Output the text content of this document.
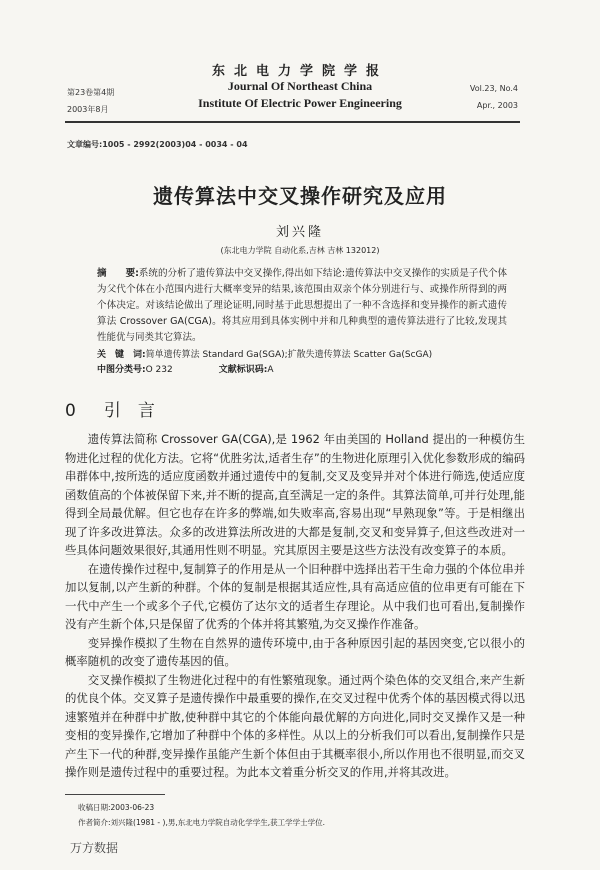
东北电力学院学报
Journal Of Northeast China
Institute Of Electric Power Engineering
第23卷第4期
2003年8月
Vol.23, No.4
Apr., 2003
文章编号:1005 - 2992(2003)04 - 0034 - 04
遗传算法中交叉操作研究及应用
刘兴隆
(东北电力学院 自动化系,吉林 吉林 132012)
摘　　要:系统的分析了遗传算法中交叉操作,得出如下结论:遗传算法中交叉操作的实质是子代个体为父代个体在小范围内进行大概率变异的结果,该范围由双亲个体分别进行与、或操作所得到的两个体决定。对该结论做出了理论证明,同时基于此思想提出了一种不含选择和变异操作的新式遗传算法 Crossover GA(CGA)。将其应用到具体实例中并和几种典型的遗传算法进行了比较,发现其性能优与同类其它算法。
关　键　词:简单遗传算法 Standard Ga(SGA);扩散失遗传算法 Scatter Ga(ScGA)
中图分类号:O 232	文献标识码:A
0 引　言

遗传算法简称 Crossover GA(CGA),是 1962 年由美国的 Holland 提出的一种模仿生物进化过程的优化方法。它将“优胜劣汰,适者生存”的生物进化原理引入优化参数形成的编码串群体中,按所选的适应度函数并通过遗传中的复制,交叉及变异并对个体进行筛选,使适应度函数值高的个体被保留下来,并不断的提高,直至满足一定的条件。其算法简单,可并行处理,能得到全局最优解。但它也存在许多的弊端,如失败率高,容易出现“早熟现象”等。于是相继出现了许多改进算法。众多的改进算法所改进的大都是复制,交叉和变异算子,但这些改进对一些具体问题效果很好,其通用性则不明显。究其原因主要是这些方法没有改变算子的本质。

在遗传操作过程中,复制算子的作用是从一个旧种群中选择出若干生命力强的个体位串并加以复制,以产生新的种群。个体的复制是根据其适应性,具有高适应值的位串更有可能在下一代中产生一个或多个子代,它模仿了达尔文的适者生存理论。从中我们也可看出,复制操作没有产生新个体,只是保留了优秀的个体并将其繁殖,为交叉操作作准备。

变异操作模拟了生物在自然界的遗传环境中,由于各种原因引起的基因突变,它以很小的概率随机的改变了遗传基因的值。

交叉操作模拟了生物进化过程中的有性繁殖现象。通过两个染色体的交叉组合,来产生新的优良个体。交叉算子是遗传操作中最重要的操作,在交叉过程中优秀个体的基因模式得以迅速繁殖并在种群中扩散,使种群中其它的个体能向最优解的方向进化,同时交叉操作又是一种变相的变异操作,它增加了种群中个体的多样性。从以上的分析我们可以看出,复制操作只是产生下一代的种群,变异操作虽能产生新个体但由于其概率很小,所以作用也不很明显,而交叉操作则是遗传过程中的重要过程。为此本文着重分析交叉的作用,并将其改进。

收稿日期:2003-06-23
作者简介:刘兴隆(1981 - ),男,东北电力学院自动化学学生,获工学学士学位.
万方数据
